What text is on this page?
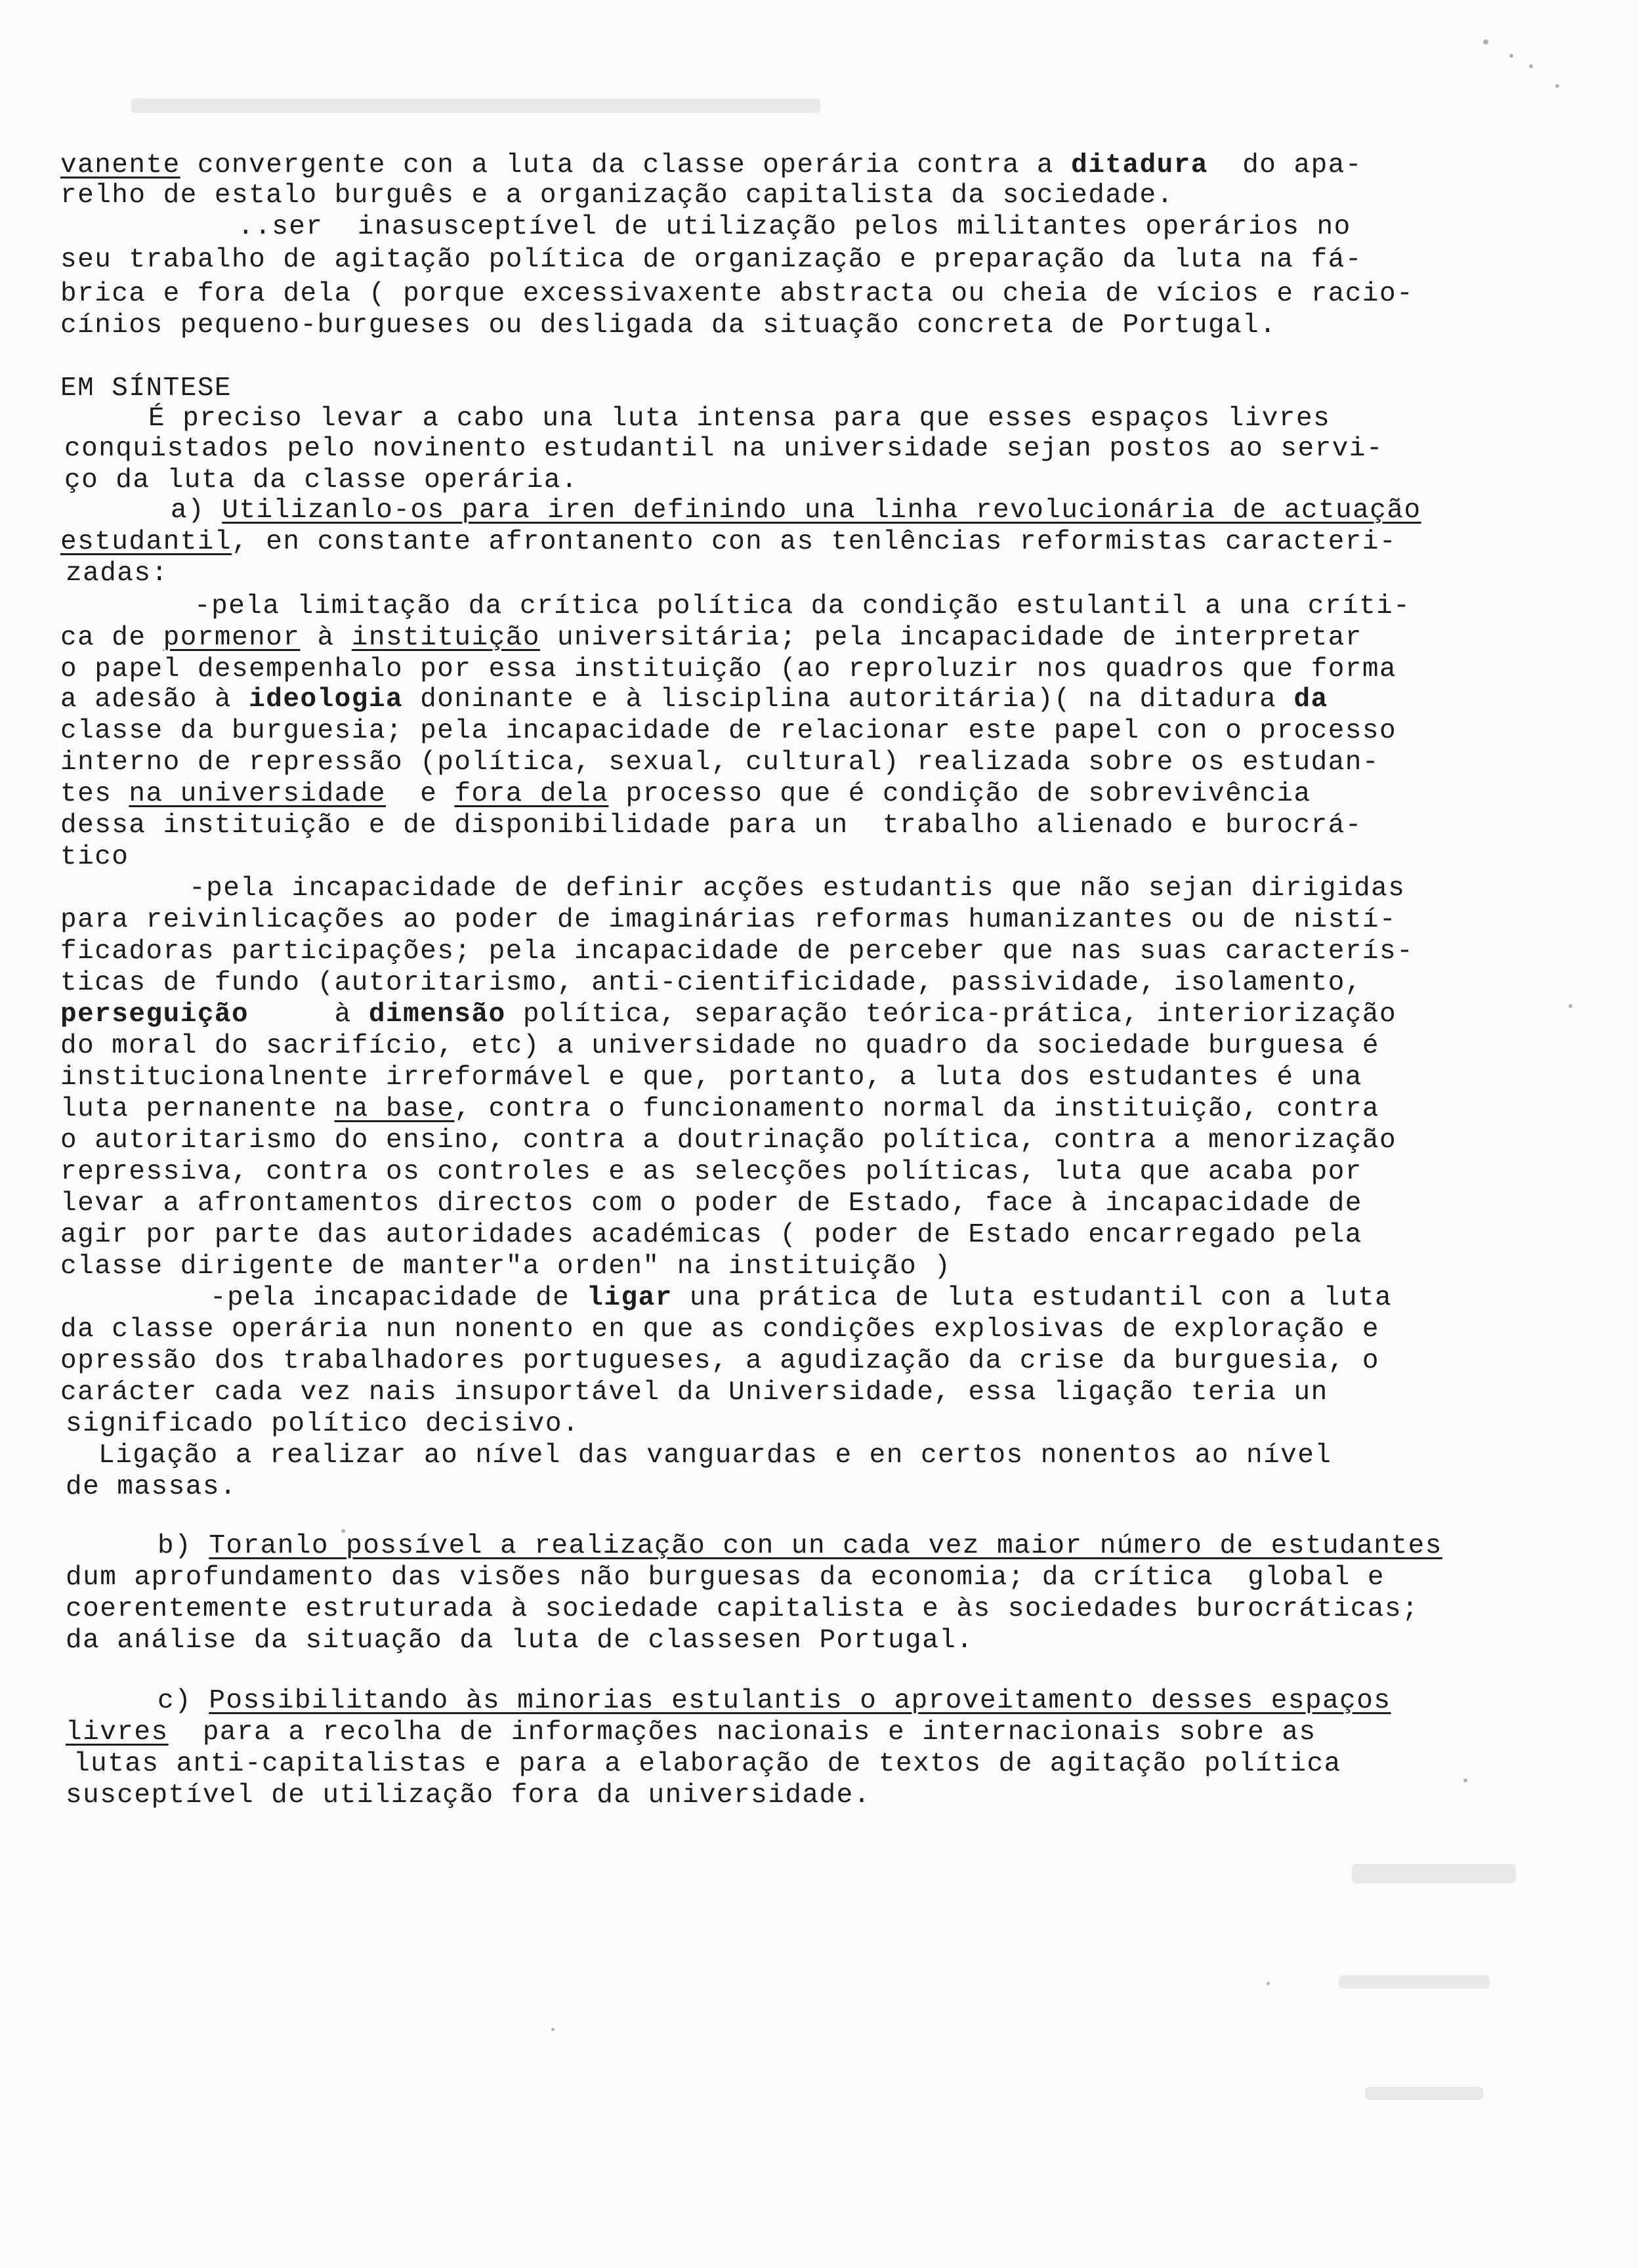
vanente convergente con a luta da classe operária contra a ditadura  do apa-
relho de estalo burguês e a organização capitalista da sociedade.
..ser  inasusceptível de utilização pelos militantes operários no
seu trabalho de agitação política de organização e preparação da luta na fá-
brica e fora dela ( porque excessivaxente abstracta ou cheia de vícios e racio-
cínios pequeno-burgueses ou desligada da situação concreta de Portugal.
EM SÍNTESE
É preciso levar a cabo una luta intensa para que esses espaços livres
conquistados pelo novinento estudantil na universidade sejan postos ao servi-
ço da luta da classe operária.
a) Utilizanlo-os para iren definindo una linha revolucionária de actuação
estudantil, en constante afrontanento con as tenlências reformistas caracteri-
zadas:
-pela limitação da crítica política da condição estulantil a una críti-
ca de pormenor à instituição universitária; pela incapacidade de interpretar
o papel desempenhalo por essa instituição (ao reproluzir nos quadros que forma
a adesão à ideologia doninante e à lisciplina autoritária)( na ditadura da
classe da burguesia; pela incapacidade de relacionar este papel con o processo
interno de repressão (política, sexual, cultural) realizada sobre os estudan-
tes na universidade  e fora dela processo que é condição de sobrevivência
dessa instituição e de disponibilidade para un  trabalho alienado e burocrá-
tico
-pela incapacidade de definir acções estudantis que não sejan dirigidas
para reivinlicações ao poder de imaginárias reformas humanizantes ou de nistí-
ficadoras participações; pela incapacidade de perceber que nas suas caracterís-
ticas de fundo (autoritarismo, anti-cientificidade, passividade, isolamento,
perseguição     à dimensão política, separação teórica-prática, interiorização
do moral do sacrifício, etc) a universidade no quadro da sociedade burguesa é
institucionalnente irreformável e que, portanto, a luta dos estudantes é una
luta pernanente na base, contra o funcionamento normal da instituição, contra
o autoritarismo do ensino, contra a doutrinação política, contra a menorização
repressiva, contra os controles e as selecções políticas, luta que acaba por
levar a afrontamentos directos com o poder de Estado, face à incapacidade de
agir por parte das autoridades académicas ( poder de Estado encarregado pela
classe dirigente de manter"a orden" na instituição )
-pela incapacidade de ligar una prática de luta estudantil con a luta
da classe operária nun nonento en que as condições explosivas de exploração e
opressão dos trabalhadores portugueses, a agudização da crise da burguesia, o
carácter cada vez nais insuportável da Universidade, essa ligação teria un
significado político decisivo.
Ligação a realizar ao nível das vanguardas e en certos nonentos ao nível
de massas.
b) Toranlo possível a realização con un cada vez maior número de estudantes
dum aprofundamento das visões não burguesas da economia; da crítica  global e
coerentemente estruturada à sociedade capitalista e às sociedades burocráticas;
da análise da situação da luta de classesen Portugal.
c) Possibilitando às minorias estulantis o aproveitamento desses espaços
livres  para a recolha de informações nacionais e internacionais sobre as
lutas anti-capitalistas e para a elaboração de textos de agitação política
susceptível de utilização fora da universidade.
